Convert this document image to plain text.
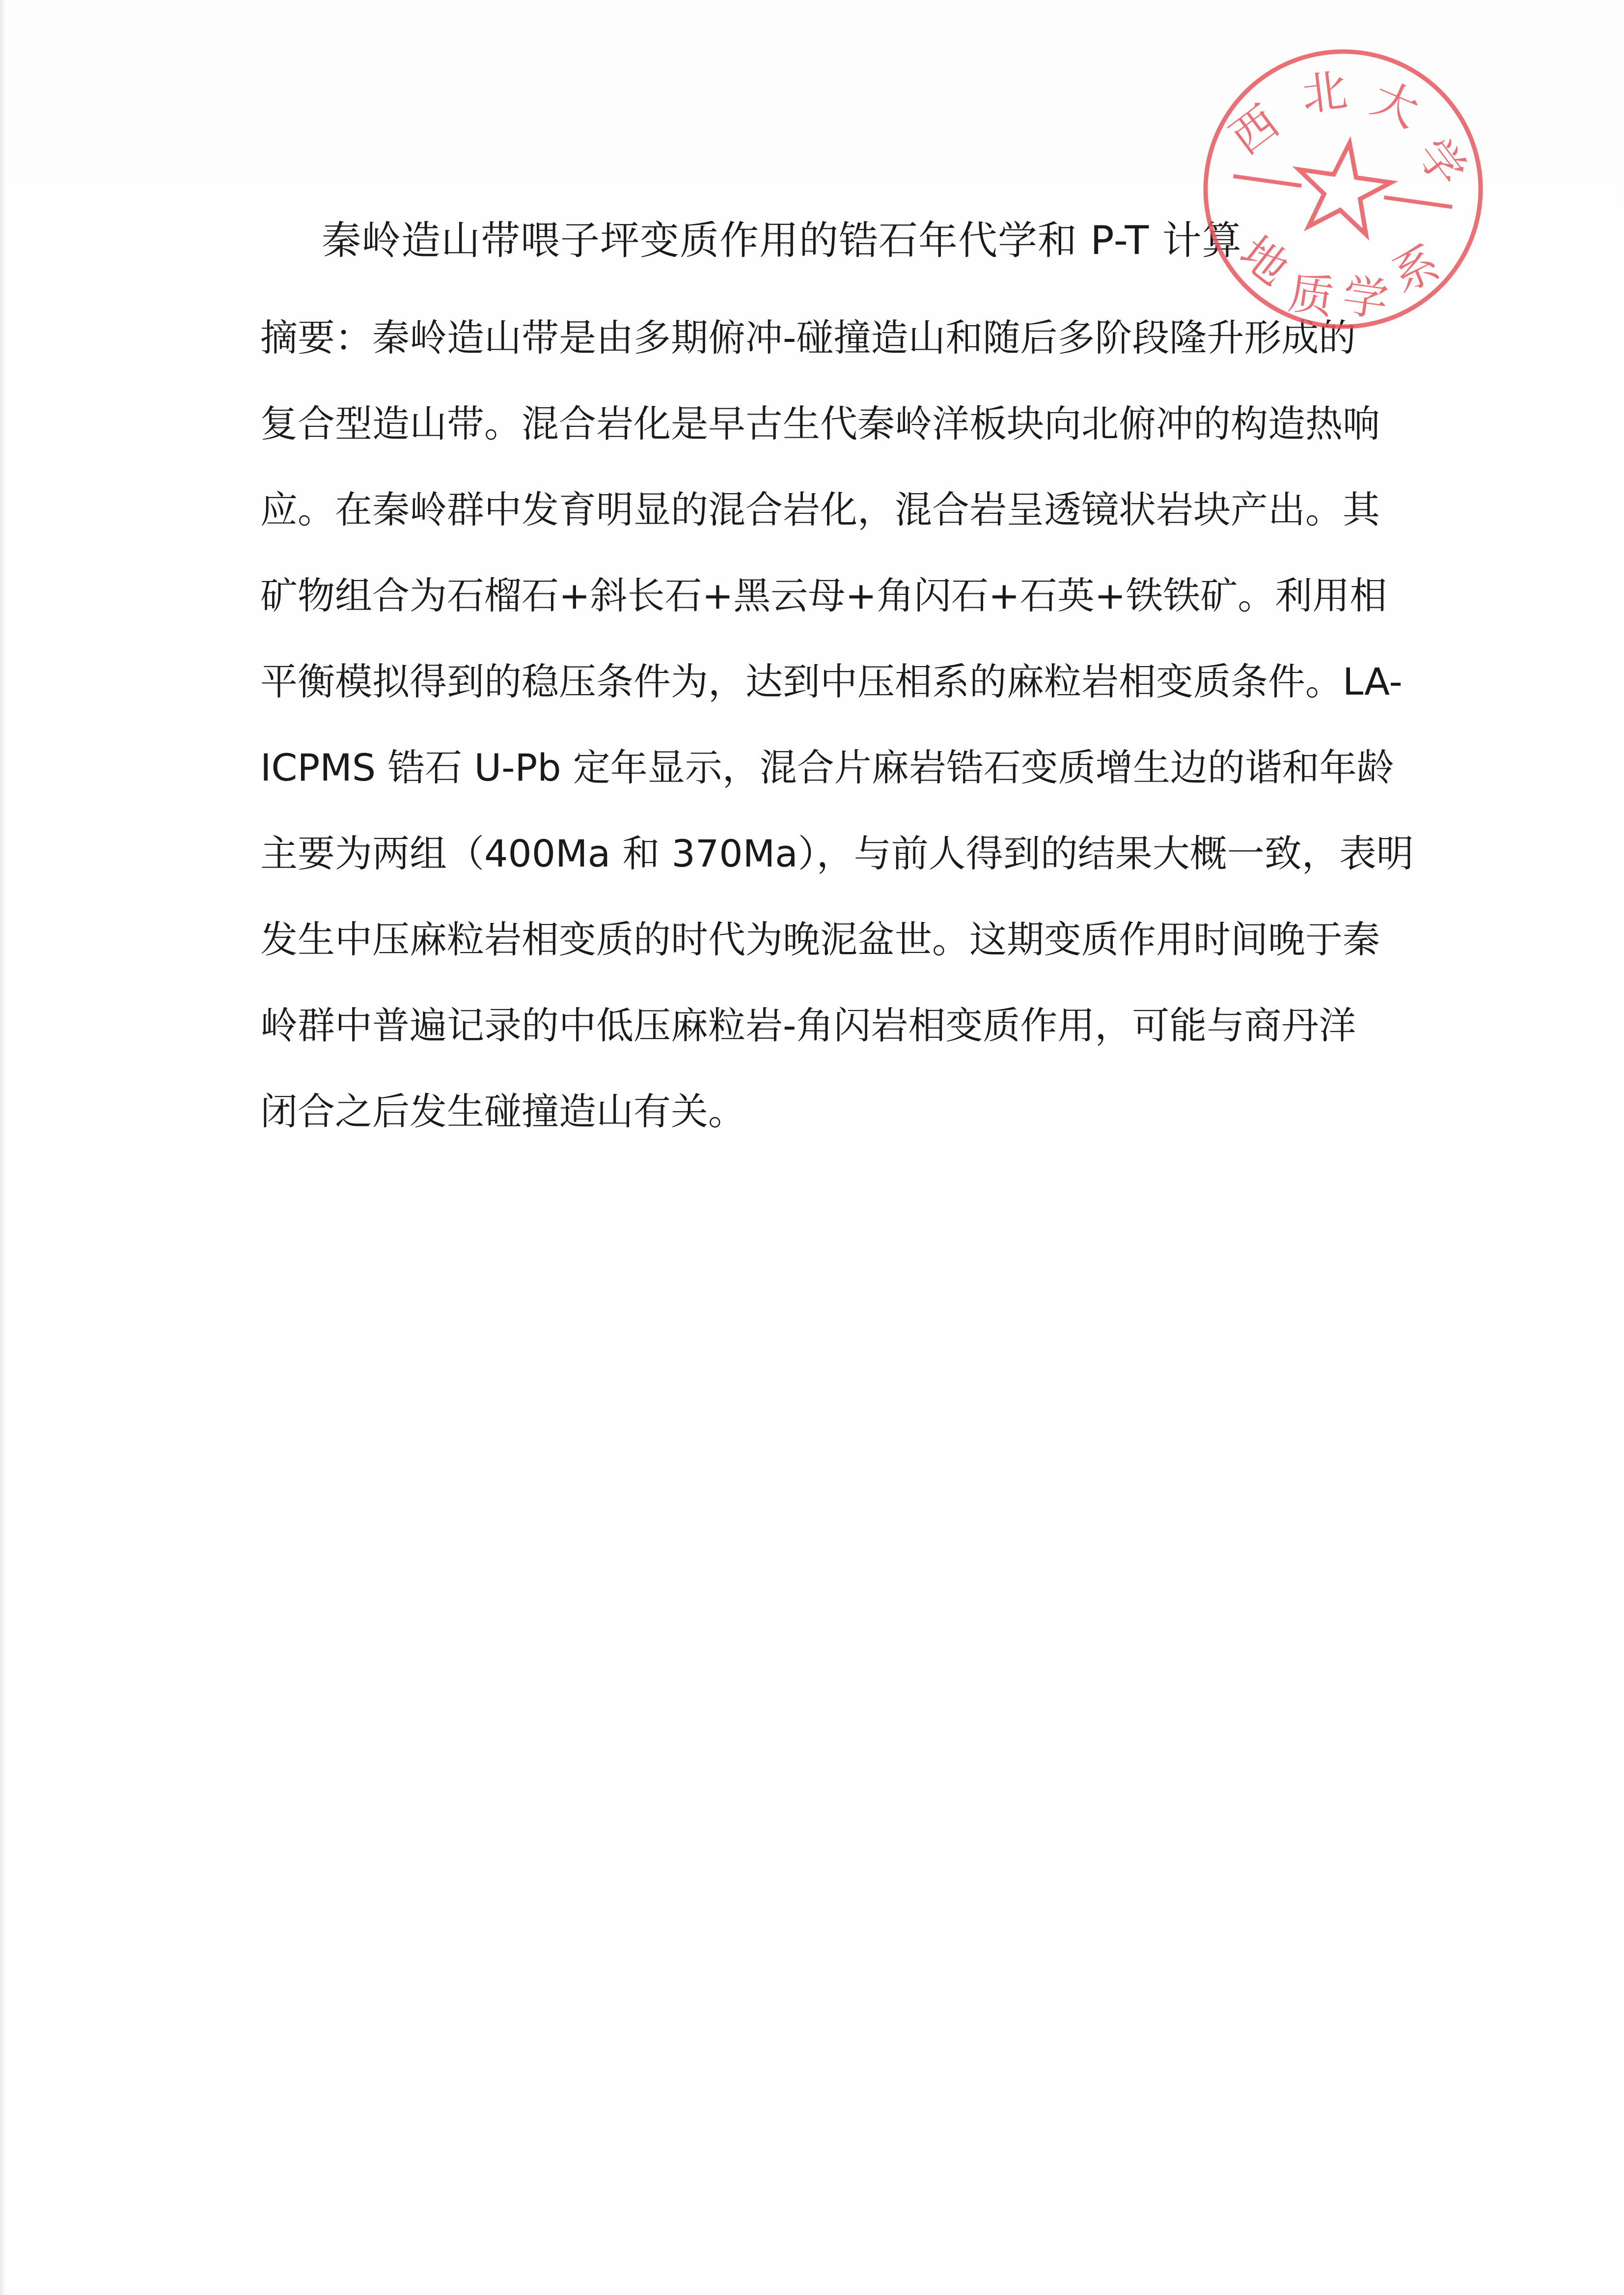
秦岭造山带喂子坪变质作用的锆石年代学和 P-T 计算
摘要：秦岭造山带是由多期俯冲-碰撞造山和随后多阶段隆升形成的
复合型造山带。混合岩化是早古生代秦岭洋板块向北俯冲的构造热响
应。在秦岭群中发育明显的混合岩化，混合岩呈透镜状岩块产出。其
矿物组合为石榴石+斜长石+黑云母+角闪石+石英+铁铁矿。利用相
平衡模拟得到的稳压条件为，达到中压相系的麻粒岩相变质条件。LA-
ICPMS 锆石 U-Pb 定年显示，混合片麻岩锆石变质增生边的谐和年龄
主要为两组（400Ma 和 370Ma），与前人得到的结果大概一致，表明
发生中压麻粒岩相变质的时代为晚泥盆世。这期变质作用时间晚于秦
岭群中普遍记录的中低压麻粒岩-角闪岩相变质作用，可能与商丹洋
闭合之后发生碰撞造山有关。
西
北 大
学
地
质 学
系
